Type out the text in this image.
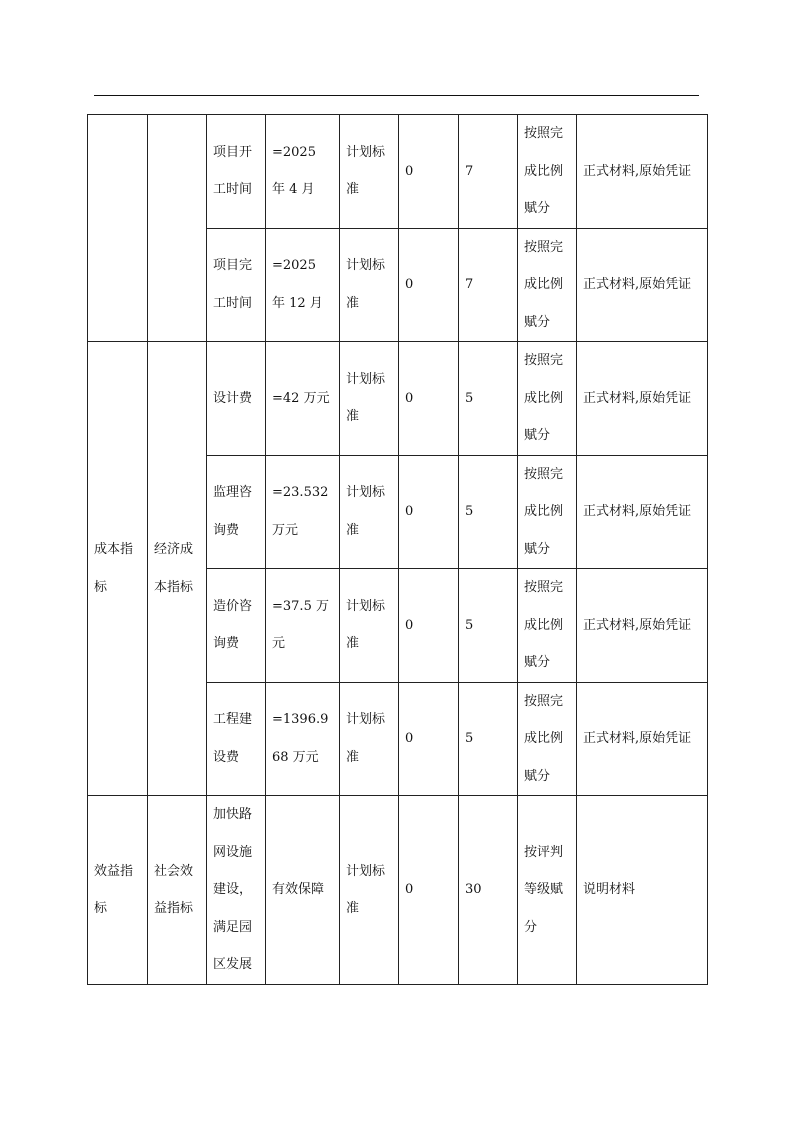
		项目开工时间	=2025 年 4 月	计划标准	0	7	按照完成比例赋分	正式材料,原始凭证

		项目完工时间	=2025 年 12 月	计划标准	0	7	按照完成比例赋分	正式材料,原始凭证

成本指标	经济成本指标	设计费	=42 万元	计划标准	0	5	按照完成比例赋分	正式材料,原始凭证

		监理咨询费	=23.532 万元	计划标准	0	5	按照完成比例赋分	正式材料,原始凭证

		造价咨询费	=37.5 万元	计划标准	0	5	按照完成比例赋分	正式材料,原始凭证

		工程建设费	=1396.968 万元	计划标准	0	5	按照完成比例赋分	正式材料,原始凭证

效益指标	社会效益指标	加快路网设施建设，满足园区发展	有效保障	计划标准	0	30	按评判等级赋分	说明材料
